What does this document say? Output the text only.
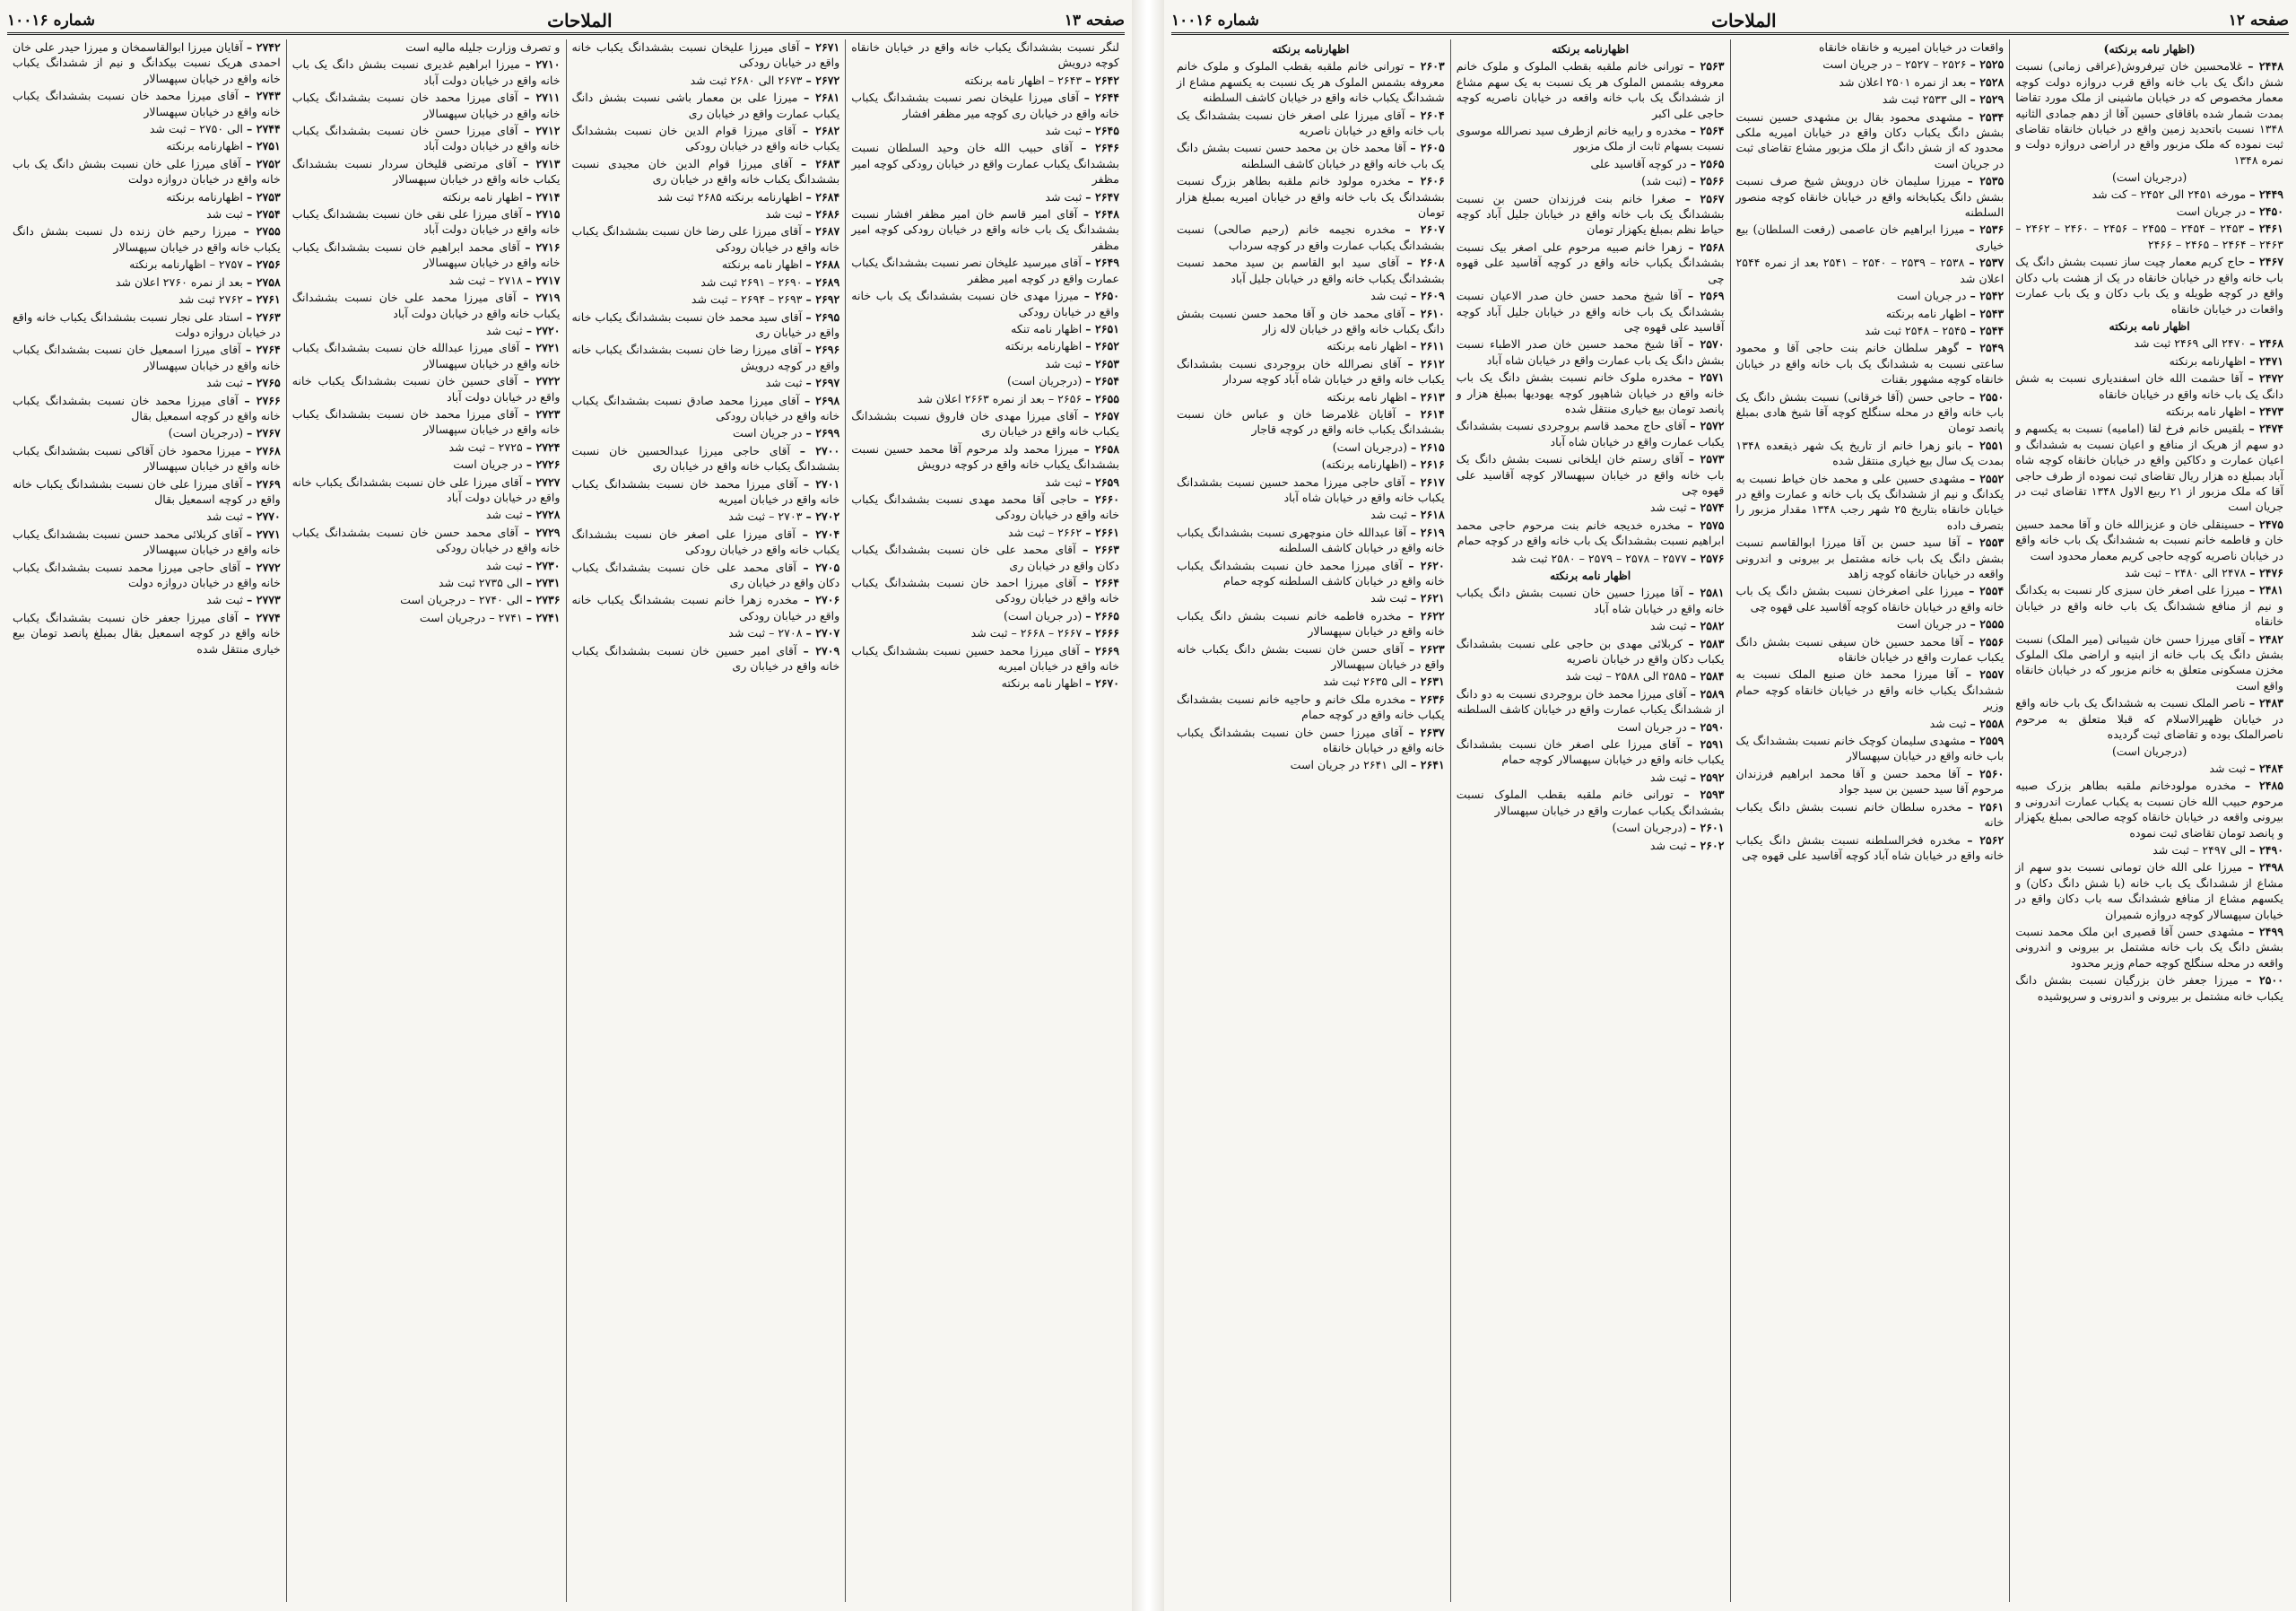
صفحه ۱۲
الملاحات
شماره ۱۰۰۱۶
(اظهار نامه برنکته)
۲۴۴۸ – غلامحسین خان تیرفروش(عراقی زمانی) نسبت شش دانگ یک باب خانه واقع قرب دروازه دولت کوچه معمار مخصوص که در خیابان ماشینی از ملک مورد تقاضا بمدت شمار شده باقاقای حسین آقا از دهم جمادی الثانیه ۱۳۴۸ نسبت باتحدید زمین واقع در خیابان خانقاه تقاضای ثبت نموده که ملک مزبور واقع در اراضی دروازه دولت و نمره ۱۳۴۸
(درجریان است)
۲۴۴۹ – مورخه ۲۴۵۱ الی ۲۴۵۲ – کت شد
۲۴۵۰ – در جریان است
۲۴۶۱ – ۲۴۵۳ – ۲۴۵۴ – ۲۴۵۵ – ۲۴۵۶ – ۲۴۶۰ – ۲۴۶۲ – ۲۴۶۳ – ۲۴۶۴ – ۲۴۶۵ – ۲۴۶۶
۲۴۶۷ – حاج کریم معمار چیت ساز نسبت بشش دانگ یک باب خانه واقع در خیابان خانقاه در یک از هشت باب دکان واقع در کوچه طویله و یک باب دکان و یک باب عمارت واقعات در خیابان خانقاه
اظهار نامه برنکته
۲۴۶۸ – ۲۴۷۰ الی ۲۴۶۹ ثبت شد
۲۴۷۱ – اظهارنامه برنکته
۲۴۷۲ – آقا حشمت الله خان اسفندیاری نسبت به شش دانگ یک باب خانه واقع در خیابان خانقاه
۲۴۷۳ – اظهار نامه برنکته
۲۴۷۴ – بلقیس خانم فرخ لقا (امامیه) نسبت به یکسهم و دو سهم از هریک از منافع و اعیان نسبت به ششدانگ و اعیان عمارت و دکاکین واقع در خیابان خانقاه کوچه شاه آباد بمبلغ ده هزار ریال تقاضای ثبت نموده از طرف حاجی آقا که ملک مزبور از ۲۱ ربیع الاول ۱۳۴۸ تقاضای ثبت در جریان است
۲۴۷۵ – حسینقلی خان و عزیزالله خان و آقا محمد حسین خان و فاطمه خانم نسبت به ششدانگ یک باب خانه واقع در خیابان ناصریه کوچه حاجی کریم معمار محدود است
۲۴۷۶ – ۲۴۷۸ الی ۲۴۸۰ – ثبت شد
۲۴۸۱ – میرزا علی اصغر خان سبزی کار نسبت به یکدانگ و نیم از منافع ششدانگ یک باب خانه واقع در خیابان خانقاه
۲۴۸۲ – آقای میرزا حسن خان شیبانی (میر الملک) نسبت بشش دانگ یک باب خانه از ابنیه و اراضی ملک الملوک مخزن مسکونی متعلق به خانم مزبور که در خیابان خانقاه واقع است
۲۴۸۳ – ناصر الملک نسبت به ششدانگ یک باب خانه واقع در خیابان ظهیرالاسلام که قبلا متعلق به مرحوم ناصرالملک بوده و تقاضای ثبت گردیده
(درجریان است)
۲۴۸۴ – ثبت شد
۲۴۸۵ – مخدره مولودخانم ملقبه بطاهر بزرک صبیه مرحوم حبیب الله خان نسبت به یکباب عمارت اندرونی و بیرونی واقعه در خیابان خانقاه کوچه صالحی بمبلغ یکهزار و پانصد تومان تقاضای ثبت نموده
۲۴۹۰ – الی ۲۴۹۷ – ثبت شد
۲۴۹۸ – میرزا علی الله خان تومانی نسبت بدو سهم از مشاع از ششدانگ یک باب خانه (با شش دانگ دکان) و یکسهم مشاع از منافع ششدانگ سه باب دکان واقع در خیابان سپهسالار کوچه دروازه شمیران
۲۴۹۹ – مشهدی حسن آقا قصیری ابن ملک محمد نسبت بشش دانگ یک باب خانه مشتمل بر بیرونی و اندرونی واقعه در محله سنگلج کوچه حمام وزیر محدود
۲۵۰۰ – میرزا جعفر خان بزرگیان نسبت بشش دانگ یکباب خانه مشتمل بر بیرونی و اندرونی و سرپوشیده
واقعات در خیابان امیریه و خانقاه خانقاه
۲۵۲۵ – ۲۵۲۶ – ۲۵۲۷ – در جریان است
۲۵۲۸ – بعد از نمره ۲۵۰۱ اعلان شد
۲۵۲۹ – الی ۲۵۳۳ ثبت شد
۲۵۳۴ – مشهدی محمود بقال بن مشهدی حسین نسبت بشش دانگ یکباب دکان واقع در خیابان امیریه ملکی محدود که از شش دانگ از ملک مزبور مشاع تقاضای ثبت در جریان است
۲۵۳۵ – میرزا سلیمان خان درویش شیخ صرف نسبت بشش دانگ یکبابخانه واقع در خیابان خانقاه کوچه منصور السلطنه
۲۵۳۶ – میرزا ابراهیم خان عاصمی (رفعت السلطان) بیع خیاری
۲۵۳۷ – ۲۵۳۸ – ۲۵۳۹ – ۲۵۴۰ – ۲۵۴۱ بعد از نمره ۲۵۴۴ اعلان شد
۲۵۴۲ – در جریان است
۲۵۴۳ – اظهار نامه برنکته
۲۵۴۴ – ۲۵۴۵ – ۲۵۴۸ ثبت شد
۲۵۴۹ – گوهر سلطان خانم بنت حاجی آقا و محمود ساعتی نسبت به ششدانگ یک باب خانه واقع در خیابان خانقاه کوچه مشهور بقنات
۲۵۵۰ – حاجی حسن (آقا خرقانی) نسبت بشش دانگ یک باب خانه واقع در محله سنگلج کوچه آقا شیخ هادی بمبلغ پانصد تومان
۲۵۵۱ – بانو زهرا خانم از تاریخ یک شهر ذیقعده ۱۳۴۸ بمدت یک سال بیع خیاری منتقل شده
۲۵۵۲ – مشهدی حسین علی و محمد خان خیاط نسبت به یکدانگ و نیم از ششدانگ یک باب خانه و عمارت واقع در خیابان خانقاه بتاریخ ۲۵ شهر رجب ۱۳۴۸ مقدار مزبور را بتصرف داده
۲۵۵۳ – آقا سید حسن بن آقا میرزا ابوالقاسم نسبت بشش دانگ یک باب خانه مشتمل بر بیرونی و اندرونی واقعه در خیابان خانقاه کوچه زاهد
۲۵۵۴ – میرزا علی اصغرخان نسبت بشش دانگ یک باب خانه واقع در خیابان خانقاه کوچه آقاسید علی قهوه چی
۲۵۵۵ – در جریان است
۲۵۵۶ – آقا محمد حسین خان سیفی نسبت بشش دانگ یکباب عمارت واقع در خیابان خانقاه
۲۵۵۷ – آقا میرزا محمد خان صنیع الملک نسبت به ششدانگ یکباب خانه واقع در خیابان خانقاه کوچه حمام وزیر
۲۵۵۸ – ثبت شد
۲۵۵۹ – مشهدی سلیمان کوچک خانم نسبت بششدانگ یک باب خانه واقع در خیابان سپهسالار
۲۵۶۰ – آقا محمد حسن و آقا محمد ابراهیم فرزندان مرحوم آقا سید حسین بن سید جواد
۲۵۶۱ – مخدره سلطان خانم نسبت بشش دانگ یکباب خانه
۲۵۶۲ – مخدره فخرالسلطنه نسبت بشش دانگ یکباب خانه واقع در خیابان شاه آباد کوچه آقاسید علی قهوه چی
اظهارنامه برنکته
۲۵۶۳ – تورانی خانم ملقبه بقطب الملوک و ملوک خانم معروفه بشمس الملوک هر یک نسبت به یک سهم مشاع از ششدانگ یک باب خانه واقعه در خیابان ناصریه کوچه حاجی علی اکبر
۲۵۶۴ – مخدره و راییه خانم ازطرف سید نصرالله موسوی نسبت بسهام ثابت از ملک مزبور
۲۵۶۵ – در کوچه آقاسید علی
۲۵۶۶ – (ثبت شد)
۲۵۶۷ – صغرا خانم بنت فرزندان حسن بن نسبت بششدانگ یک باب خانه واقع در خیابان جلیل آباد کوچه حیاط نظم بمبلغ یکهزار تومان
۲۵۶۸ – زهرا خانم صبیه مرحوم علی اصغر بیک نسبت بششدانگ یکباب خانه واقع در کوچه آقاسید علی قهوه چی
۲۵۶۹ – آقا شیخ محمد حسن خان صدر الاعیان نسبت بششدانگ یک باب خانه واقع در خیابان جلیل آباد کوچه آقاسید علی قهوه چی
۲۵۷۰ – آقا شیخ محمد حسین خان صدر الاطباء نسبت بشش دانگ یک باب عمارت واقع در خیابان شاه آباد
۲۵۷۱ – مخدره ملوک خانم نسبت بشش دانگ یک باب خانه واقع در خیابان شاهپور کوچه یهودیها بمبلغ هزار و پانصد تومان بیع خیاری منتقل شده
۲۵۷۲ – آقای حاج محمد قاسم بروجردی نسبت بششدانگ یکباب عمارت واقع در خیابان شاه آباد
۲۵۷۳ – آقای رستم خان ایلخانی نسبت بشش دانگ یک باب خانه واقع در خیابان سپهسالار کوچه آقاسید علی قهوه چی
۲۵۷۴ – ثبت شد
۲۵۷۵ – مخدره خدیجه خانم بنت مرحوم حاجی محمد ابراهیم نسبت بششدانگ یک باب خانه واقع در کوچه حمام
۲۵۷۶ – ۲۵۷۷ – ۲۵۷۸ – ۲۵۷۹ – ۲۵۸۰ ثبت شد
اظهار نامه برنکته
۲۵۸۱ – آقا میرزا حسین خان نسبت بشش دانگ یکباب خانه واقع در خیابان شاه آباد
۲۵۸۲ – ثبت شد
۲۵۸۳ – کربلائی مهدی بن حاجی علی نسبت بششدانگ یکباب دکان واقع در خیابان ناصریه
۲۵۸۴ – ۲۵۸۵ الی ۲۵۸۸ – ثبت شد
۲۵۸۹ – آقای میرزا محمد خان بروجردی نسبت به دو دانگ از ششدانگ یکباب عمارت واقع در خیابان کاشف السلطنه
۲۵۹۰ – در جریان است
۲۵۹۱ – آقای میرزا علی اصغر خان نسبت بششدانگ یکباب خانه واقع در خیابان سپهسالار کوچه حمام
۲۵۹۲ – ثبت شد
۲۵۹۳ – تورانی خانم ملقبه بقطب الملوک نسبت بششدانگ یکباب عمارت واقع در خیابان سپهسالار
۲۶۰۱ – (درجریان است)
۲۶۰۲ – ثبت شد
اظهارنامه برنکته
۲۶۰۳ – تورانی خانم ملقبه بقطب الملوک و ملوک خانم معروفه بشمس الملوک هر یک نسبت به یکسهم مشاع از ششدانگ یکباب خانه واقع در خیابان کاشف السلطنه
۲۶۰۴ – آقای میرزا علی اصغر خان نسبت بششدانگ یک باب خانه واقع در خیابان ناصریه
۲۶۰۵ – آقا محمد خان بن محمد حسن نسبت بشش دانگ یک باب خانه واقع در خیابان کاشف السلطنه
۲۶۰۶ – مخدره مولود خانم ملقبه بطاهر بزرگ نسبت بششدانگ یک باب خانه واقع در خیابان امیریه بمبلغ هزار تومان
۲۶۰۷ – مخدره نجیمه خانم (رحیم صالحی) نسبت بششدانگ یکباب عمارت واقع در کوچه سرداب
۲۶۰۸ – آقای سید ابو القاسم بن سید محمد نسبت بششدانگ یکباب خانه واقع در خیابان جلیل آباد
۲۶۰۹ – ثبت شد
۲۶۱۰ – آقای محمد خان و آقا محمد حسن نسبت بشش دانگ یکباب خانه واقع در خیابان لاله زار
۲۶۱۱ – اظهار نامه برنکته
۲۶۱۲ – آقای نصرالله خان بروجردی نسبت بششدانگ یکباب خانه واقع در خیابان شاه آباد کوچه سردار
۲۶۱۳ – اظهار نامه برنکته
۲۶۱۴ – آقایان غلامرضا خان و عباس خان نسبت بششدانگ یکباب خانه واقع در کوچه قاجار
۲۶۱۵ – (درجریان است)
۲۶۱۶ – (اظهارنامه برنکته)
۲۶۱۷ – آقای حاجی میرزا محمد حسین نسبت بششدانگ یکباب خانه واقع در خیابان شاه آباد
۲۶۱۸ – ثبت شد
۲۶۱۹ – آقا عبدالله خان منوچهری نسبت بششدانگ یکباب خانه واقع در خیابان کاشف السلطنه
۲۶۲۰ – آقای میرزا محمد خان نسبت بششدانگ یکباب خانه واقع در خیابان کاشف السلطنه کوچه حمام
۲۶۲۱ – ثبت شد
۲۶۲۲ – مخدره فاطمه خانم نسبت بشش دانگ یکباب خانه واقع در خیابان سپهسالار
۲۶۲۳ – آقای حسن خان نسبت بشش دانگ یکباب خانه واقع در خیابان سپهسالار
۲۶۳۱ – الی ۲۶۳۵ ثبت شد
۲۶۳۶ – مخدره ملک خانم و حاجیه خانم نسبت بششدانگ یکباب خانه واقع در کوچه حمام
۲۶۳۷ – آقای میرزا حسن خان نسبت بششدانگ یکباب خانه واقع در خیابان خانقاه
۲۶۴۱ – الی ۲۶۴۱ در جریان است
صفحه ۱۳
الملاحات
شماره ۱۰۰۱۶
لنگر نسبت بششدانگ یکباب خانه واقع در خیابان خانقاه کوچه درویش
۲۶۴۲ – ۲۶۴۳ – اظهار نامه برنکته
۲۶۴۴ – آقای میرزا علیخان نصر نسبت بششدانگ یکباب خانه واقع در خیابان ری کوچه میر مظفر افشار
۲۶۴۵ – ثبت شد
۲۶۴۶ – آقای حبیب الله خان وحید السلطان نسبت بششدانگ یکباب عمارت واقع در خیابان رودکی کوچه امیر مظفر
۲۶۴۷ – ثبت شد
۲۶۴۸ – آقای امیر قاسم خان امیر مظفر افشار نسبت بششدانگ یک باب خانه واقع در خیابان رودکی کوچه امیر مظفر
۲۶۴۹ – آقای میرسید علیخان نصر نسبت بششدانگ یکباب عمارت واقع در کوچه امیر مظفر
۲۶۵۰ – میرزا مهدی خان نسبت بششدانگ یک باب خانه واقع در خیابان رودکی
۲۶۵۱ – اظهار نامه تنکه
۲۶۵۲ – اظهارنامه برنکته
۲۶۵۳ – ثبت شد
۲۶۵۴ – (درجریان است)
۲۶۵۵ – ۲۶۵۶ – بعد از نمره ۲۶۶۳ اعلان شد
۲۶۵۷ – آقای میرزا مهدی خان فاروق نسبت بششدانگ یکباب خانه واقع در خیابان ری
۲۶۵۸ – میرزا محمد ولد مرحوم آقا محمد حسین نسبت بششدانگ یکباب خانه واقع در کوچه درویش
۲۶۵۹ – ثبت شد
۲۶۶۰ – حاجی آقا محمد مهدی نسبت بششدانگ یکباب خانه واقع در خیابان رودکی
۲۶۶۱ – ۲۶۶۲ – ثبت شد
۲۶۶۳ – آقای محمد علی خان نسبت بششدانگ یکباب دکان واقع در خیابان ری
۲۶۶۴ – آقای میرزا احمد خان نسبت بششدانگ یکباب خانه واقع در خیابان رودکی
۲۶۶۵ – (در جریان است)
۲۶۶۶ – ۲۶۶۷ – ۲۶۶۸ – ثبت شد
۲۶۶۹ – آقای میرزا محمد حسین نسبت بششدانگ یکباب خانه واقع در خیابان امیریه
۲۶۷۰ – اظهار نامه برنکته
۲۶۷۱ – آقای میرزا علیخان نسبت بششدانگ یکباب خانه واقع در خیابان رودکی
۲۶۷۲ – ۲۶۷۳ الی ۲۶۸۰ ثبت شد
۲۶۸۱ – میرزا علی بن معمار باشی نسبت بشش دانگ یکباب عمارت واقع در خیابان ری
۲۶۸۲ – آقای میرزا قوام الدین خان نسبت بششدانگ یکباب خانه واقع در خیابان رودکی
۲۶۸۳ – آقای میرزا قوام الدین خان مجیدی نسبت بششدانگ یکباب خانه واقع در خیابان ری
۲۶۸۴ – اظهارنامه برنکته ۲۶۸۵ ثبت شد
۲۶۸۶ – ثبت شد
۲۶۸۷ – آقای میرزا علی رضا خان نسبت بششدانگ یکباب خانه واقع در خیابان رودکی
۲۶۸۸ – اظهار نامه برنکته
۲۶۸۹ – ۲۶۹۰ – ۲۶۹۱ ثبت شد
۲۶۹۲ – ۲۶۹۳ – ۲۶۹۴ – ثبت شد
۲۶۹۵ – آقای سید محمد خان نسبت بششدانگ یکباب خانه واقع در خیابان ری
۲۶۹۶ – آقای میرزا رضا خان نسبت بششدانگ یکباب خانه واقع در کوچه درویش
۲۶۹۷ – ثبت شد
۲۶۹۸ – آقای میرزا محمد صادق نسبت بششدانگ یکباب خانه واقع در خیابان رودکی
۲۶۹۹ – در جریان است
۲۷۰۰ – آقای حاجی میرزا عبدالحسین خان نسبت بششدانگ یکباب خانه واقع در خیابان ری
۲۷۰۱ – آقای میرزا محمد خان نسبت بششدانگ یکباب خانه واقع در خیابان امیریه
۲۷۰۲ – ۲۷۰۳ – ثبت شد
۲۷۰۴ – آقای میرزا علی اصغر خان نسبت بششدانگ یکباب خانه واقع در خیابان رودکی
۲۷۰۵ – آقای محمد علی خان نسبت بششدانگ یکباب دکان واقع در خیابان ری
۲۷۰۶ – مخدره زهرا خانم نسبت بششدانگ یکباب خانه واقع در خیابان رودکی
۲۷۰۷ – ۲۷۰۸ – ثبت شد
۲۷۰۹ – آقای امیر حسین خان نسبت بششدانگ یکباب خانه واقع در خیابان ری
و تصرف وزارت جلیله مالیه است
۲۷۱۰ – میرزا ابراهیم غدیری نسبت بشش دانگ یک باب خانه واقع در خیابان دولت آباد
۲۷۱۱ – آقای میرزا محمد خان نسبت بششدانگ یکباب خانه واقع در خیابان سپهسالار
۲۷۱۲ – آقای میرزا حسن خان نسبت بششدانگ یکباب خانه واقع در خیابان دولت آباد
۲۷۱۳ – آقای مرتضی قلیخان سردار نسبت بششدانگ یکباب خانه واقع در خیابان سپهسالار
۲۷۱۴ – اظهار نامه برنکته
۲۷۱۵ – آقای میرزا علی نقی خان نسبت بششدانگ یکباب خانه واقع در خیابان دولت آباد
۲۷۱۶ – آقای محمد ابراهیم خان نسبت بششدانگ یکباب خانه واقع در خیابان سپهسالار
۲۷۱۷ – ۲۷۱۸ – ثبت شد
۲۷۱۹ – آقای میرزا محمد علی خان نسبت بششدانگ یکباب خانه واقع در خیابان دولت آباد
۲۷۲۰ – ثبت شد
۲۷۲۱ – آقای میرزا عبدالله خان نسبت بششدانگ یکباب خانه واقع در خیابان سپهسالار
۲۷۲۲ – آقای حسین خان نسبت بششدانگ یکباب خانه واقع در خیابان دولت آباد
۲۷۲۳ – آقای میرزا محمد خان نسبت بششدانگ یکباب خانه واقع در خیابان سپهسالار
۲۷۲۴ – ۲۷۲۵ – ثبت شد
۲۷۲۶ – در جریان است
۲۷۲۷ – آقای میرزا علی خان نسبت بششدانگ یکباب خانه واقع در خیابان دولت آباد
۲۷۲۸ – ثبت شد
۲۷۲۹ – آقای محمد حسن خان نسبت بششدانگ یکباب خانه واقع در خیابان رودکی
۲۷۳۰ – ثبت شد
۲۷۳۱ – الی ۲۷۳۵ ثبت شد
۲۷۳۶ – الی ۲۷۴۰ – درجریان است
۲۷۴۱ – ۲۷۴۱ – درجریان است
۲۷۴۲ – آقایان میرزا ابوالقاسمخان و میرزا حیدر علی خان احمدی هریک نسبت بیکدانگ و نیم از ششدانگ یکباب خانه واقع در خیابان سپهسالار
۲۷۴۳ – آقای میرزا محمد خان نسبت بششدانگ یکباب خانه واقع در خیابان سپهسالار
۲۷۴۴ – الی ۲۷۵۰ – ثبت شد
۲۷۵۱ – اظهارنامه برنکته
۲۷۵۲ – آقای میرزا علی خان نسبت بشش دانگ یک باب خانه واقع در خیابان دروازه دولت
۲۷۵۳ – اظهارنامه برنکته
۲۷۵۴ – ثبت شد
۲۷۵۵ – میرزا رحیم خان زنده دل نسبت بشش دانگ یکباب خانه واقع در خیابان سپهسالار
۲۷۵۶ – ۲۷۵۷ – اظهارنامه برنکته
۲۷۵۸ – بعد از نمره ۲۷۶۰ اعلان شد
۲۷۶۱ – ۲۷۶۲ ثبت شد
۲۷۶۳ – استاد علی نجار نسبت بششدانگ یکباب خانه واقع در خیابان دروازه دولت
۲۷۶۴ – آقای میرزا اسمعیل خان نسبت بششدانگ یکباب خانه واقع در خیابان سپهسالار
۲۷۶۵ – ثبت شد
۲۷۶۶ – آقای میرزا محمد خان نسبت بششدانگ یکباب خانه واقع در کوچه اسمعیل بقال
۲۷۶۷ – (درجریان است)
۲۷۶۸ – میرزا محمود خان آقاکی نسبت بششدانگ یکباب خانه واقع در خیابان سپهسالار
۲۷۶۹ – آقای میرزا علی خان نسبت بششدانگ یکباب خانه واقع در کوچه اسمعیل بقال
۲۷۷۰ – ثبت شد
۲۷۷۱ – آقای کربلائی محمد حسن نسبت بششدانگ یکباب خانه واقع در خیابان سپهسالار
۲۷۷۲ – آقای حاجی میرزا محمد نسبت بششدانگ یکباب خانه واقع در خیابان دروازه دولت
۲۷۷۳ – ثبت شد
۲۷۷۴ – آقای میرزا جعفر خان نسبت بششدانگ یکباب خانه واقع در کوچه اسمعیل بقال بمبلغ پانصد تومان بیع خیاری منتقل شده
